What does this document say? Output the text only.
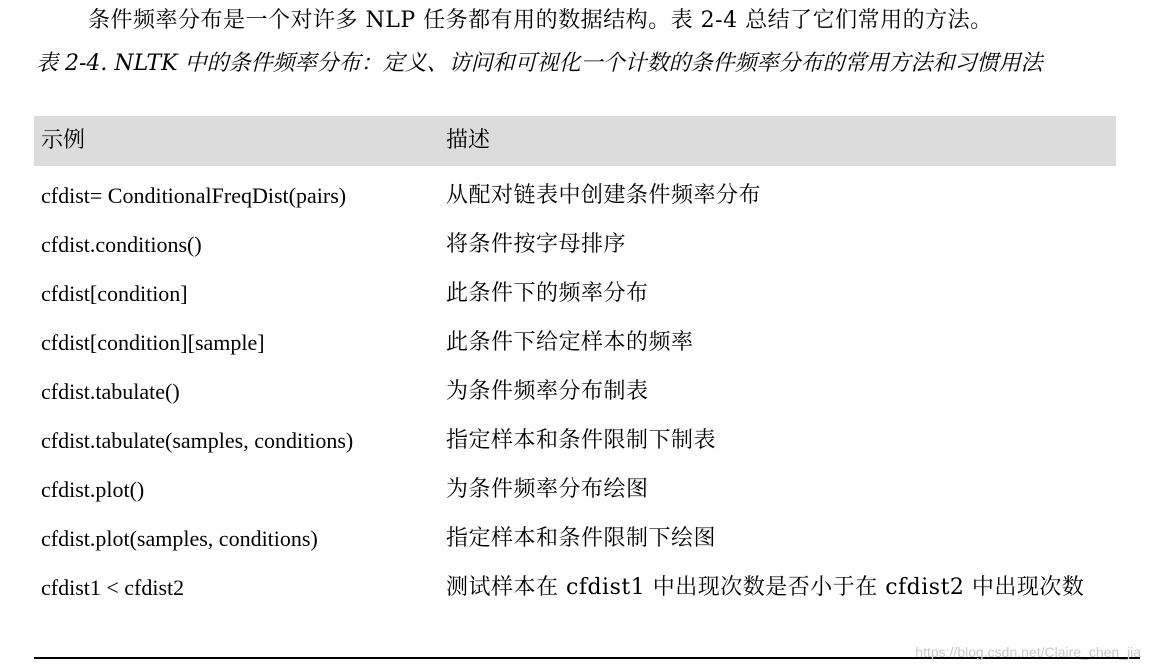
条件频率分布是一个对许多 NLP 任务都有用的数据结构。表 2-4 总结了它们常用的方法。
表 2-4. NLTK 中的条件频率分布：定义、访问和可视化一个计数的条件频率分布的常用方法和习惯用法
示例	描述
cfdist= ConditionalFreqDist(pairs)	从配对链表中创建条件频率分布
cfdist.conditions()	将条件按字母排序
cfdist[condition]	此条件下的频率分布
cfdist[condition][sample]	此条件下给定样本的频率
cfdist.tabulate()	为条件频率分布制表
cfdist.tabulate(samples, conditions)	指定样本和条件限制下制表
cfdist.plot()	为条件频率分布绘图
cfdist.plot(samples, conditions)	指定样本和条件限制下绘图
cfdist1 < cfdist2	测试样本在 cfdist1 中出现次数是否小于在 cfdist2 中出现次数
https://blog.csdn.net/Claire_chen_jia
